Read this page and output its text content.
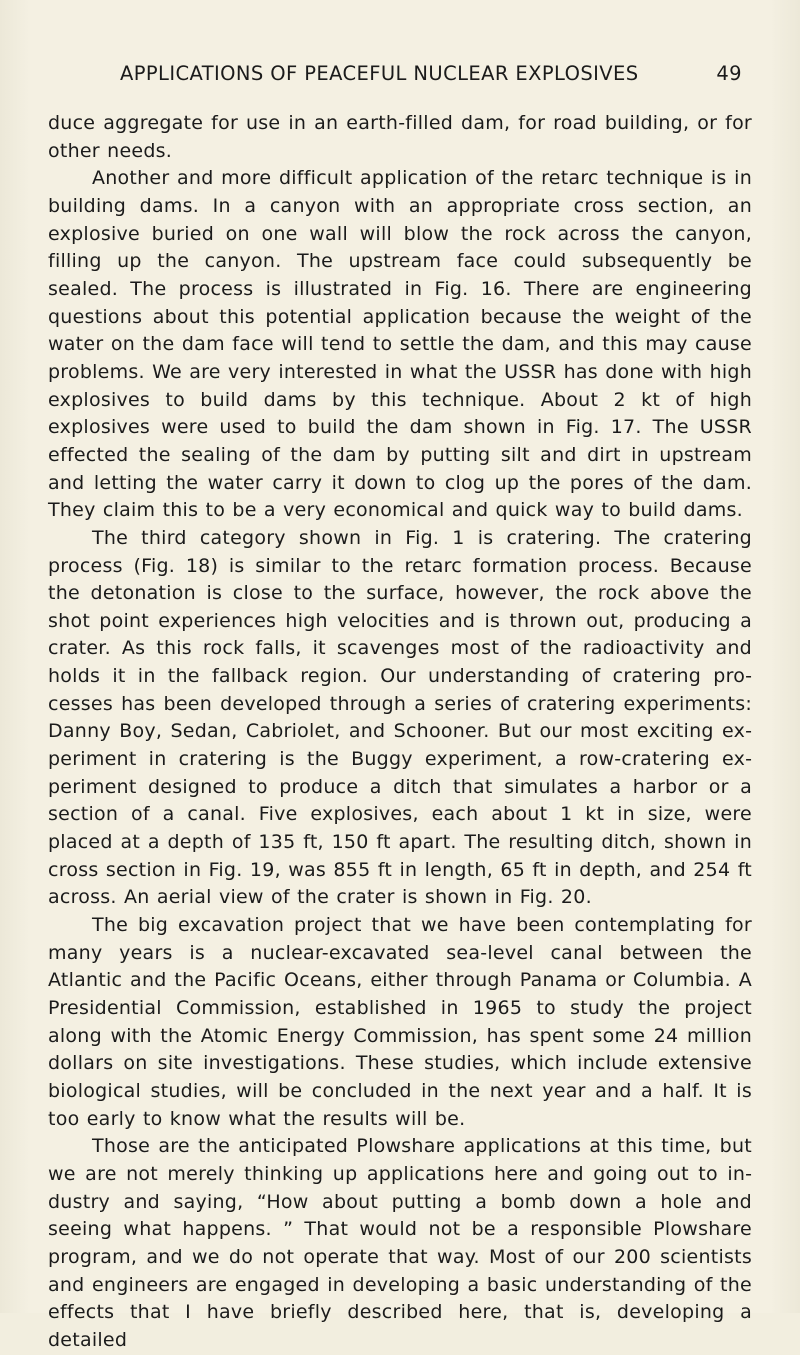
APPLICATIONS OF PEACEFUL NUCLEAR EXPLOSIVES	49

duce aggregate for use in an earth-filled dam, for road building, or for other needs.

Another and more difficult application of the retarc technique is in building dams. In a canyon with an appropriate cross section, an explosive buried on one wall will blow the rock across the canyon, filling up the canyon. The upstream face could subsequently be sealed. The process is illustrated in Fig. 16. There are engineering questions about this potential application because the weight of the water on the dam face will tend to settle the dam, and this may cause problems. We are very interested in what the USSR has done with high explosives to build dams by this technique. About 2 kt of high explosives were used to build the dam shown in Fig. 17. The USSR effected the sealing of the dam by putting silt and dirt in upstream and letting the water carry it down to clog up the pores of the dam. They claim this to be a very economical and quick way to build dams.

The third category shown in Fig. 1 is cratering. The cratering process (Fig. 18) is similar to the retarc formation process. Because the detonation is close to the surface, however, the rock above the shot point experiences high velocities and is thrown out, producing a crater. As this rock falls, it scavenges most of the radioactivity and holds it in the fallback region. Our understanding of cratering processes has been developed through a series of cratering experiments: Danny Boy, Sedan, Cabriolet, and Schooner. But our most exciting experiment in cratering is the Buggy experiment, a row-cratering experiment designed to produce a ditch that simulates a harbor or a section of a canal. Five explosives, each about 1 kt in size, were placed at a depth of 135 ft, 150 ft apart. The resulting ditch, shown in cross section in Fig. 19, was 855 ft in length, 65 ft in depth, and 254 ft across. An aerial view of the crater is shown in Fig. 20.

The big excavation project that we have been contemplating for many years is a nuclear-excavated sea-level canal between the Atlantic and the Pacific Oceans, either through Panama or Columbia. A Presidential Commission, established in 1965 to study the project along with the Atomic Energy Commission, has spent some 24 million dollars on site investigations. These studies, which include extensive biological studies, will be concluded in the next year and a half. It is too early to know what the results will be.

Those are the anticipated Plowshare applications at this time, but we are not merely thinking up applications here and going out to industry and saying, “How about putting a bomb down a hole and seeing what happens. ” That would not be a responsible Plowshare program, and we do not operate that way. Most of our 200 scientists and engineers are engaged in developing a basic understanding of the effects that I have briefly described here, that is, developing a detailed
